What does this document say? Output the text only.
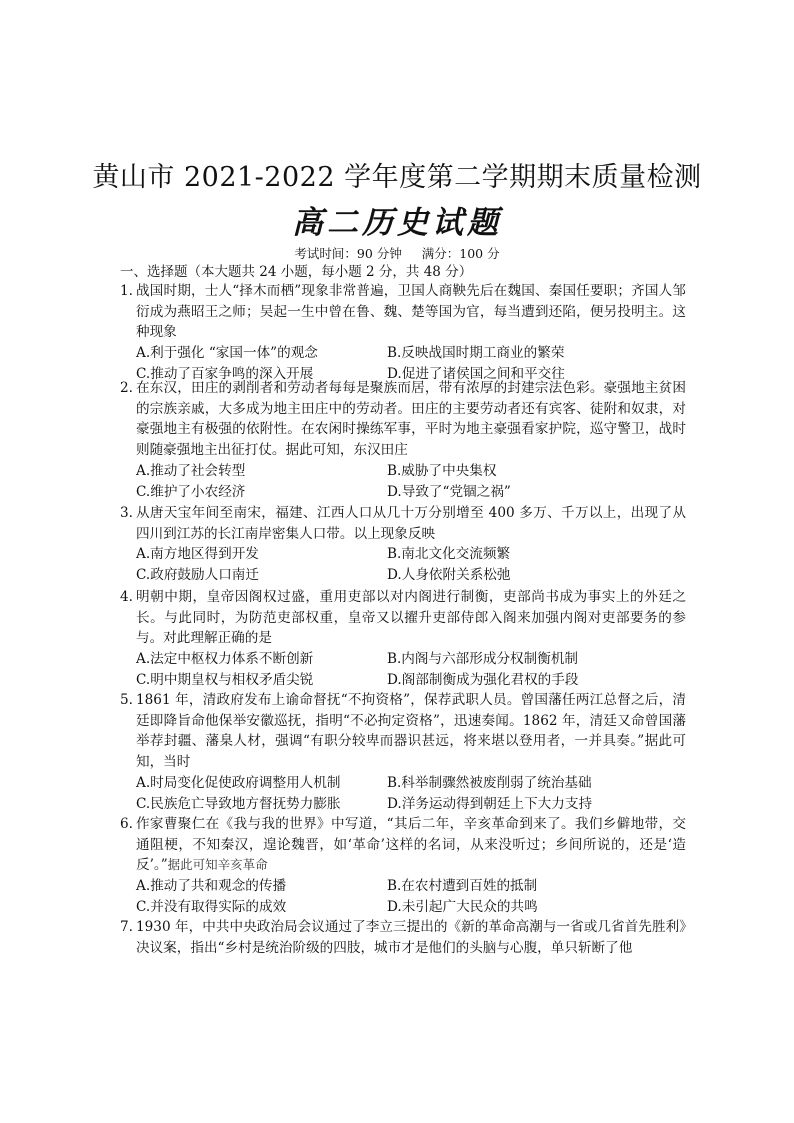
黄山市 2021-2022 学年度第二学期期末质量检测
高二历史试题
考试时间：90 分钟 满分：100 分
一、选择题（本大题共 24 小题，每小题 2 分，共 48 分）
1. 战国时期，士人“择木而栖”现象非常普遍，卫国人商鞅先后在魏国、秦国任要职；齐国人邹衍成为燕昭王之师；吴起一生中曾在鲁、魏、楚等国为官，每当遭到还陷，便另投明主。这种现象
A.利于强化 “家国一体”的观念	B.反映战国时期工商业的繁荣
C.推动了百家争鸣的深入开展	D.促进了诸侯国之间和平交往
2. 在东汉，田庄的剥削者和劳动者每每是聚族而居，带有浓厚的封建宗法色彩。豪强地主贫困的宗族亲戚，大多成为地主田庄中的劳动者。田庄的主要劳动者还有宾客、徒附和奴隶，对豪强地主有极强的依附性。在农闲时操练军事，平时为地主豪强看家护院，巡守警卫，战时则随豪强地主出征打仗。据此可知，东汉田庄
A.推动了社会转型	B.威胁了中央集权
C.维护了小农经济	D.导致了“党锢之祸”
3. 从唐天宝年间至南宋，福建、江西人口从几十万分别增至 400 多万、千万以上，出现了从四川到江苏的长江南岸密集人口带。以上现象反映
A.南方地区得到开发	B.南北文化交流频繁
C.政府鼓励人口南迁	D.人身依附关系松弛
4. 明朝中期，皇帝因阁权过盛，重用吏部以对内阁进行制衡，吏部尚书成为事实上的外廷之长。与此同时，为防范吏部权重，皇帝又以擢升吏部侍郎入阁来加强内阁对吏部要务的参与。对此理解正确的是
A.法定中枢权力体系不断创新	B.内阁与六部形成分权制衡机制
C.明中期皇权与相权矛盾尖锐	D.阁部制衡成为强化君权的手段
5. 1861 年，清政府发布上谕命督抚“不拘资格”，保荐武职人员。曾国藩任两江总督之后，清廷即降旨命他保举安徽巡抚，指明“不必拘定资格”，迅速奏闻。1862 年，清廷又命曾国藩举荐封疆、藩臬人材，强调“有职分较卑而器识甚远，将来堪以登用者，一并具奏。”据此可知，当时
A.时局变化促使政府调整用人机制	B.科举制骤然被废削弱了统治基础
C.民族危亡导致地方督抚势力膨胀	D.洋务运动得到朝廷上下大力支持
6. 作家曹聚仁在《我与我的世界》中写道，“其后二年，辛亥革命到来了。我们乡僻地带，交通阻梗，不知秦汉，遑论魏晋，如‘革命’这样的名词，从来没听过；乡间所说的，还是‘造反’。”据此可知辛亥革命
A.推动了共和观念的传播	B.在农村遭到百姓的抵制
C.并没有取得实际的成效	D.未引起广大民众的共鸣
7. 1930 年，中共中央政治局会议通过了李立三提出的《新的革命高潮与一省或几省首先胜利》决议案，指出“乡村是统治阶级的四肢，城市才是他们的头脑与心腹，单只斩断了他
